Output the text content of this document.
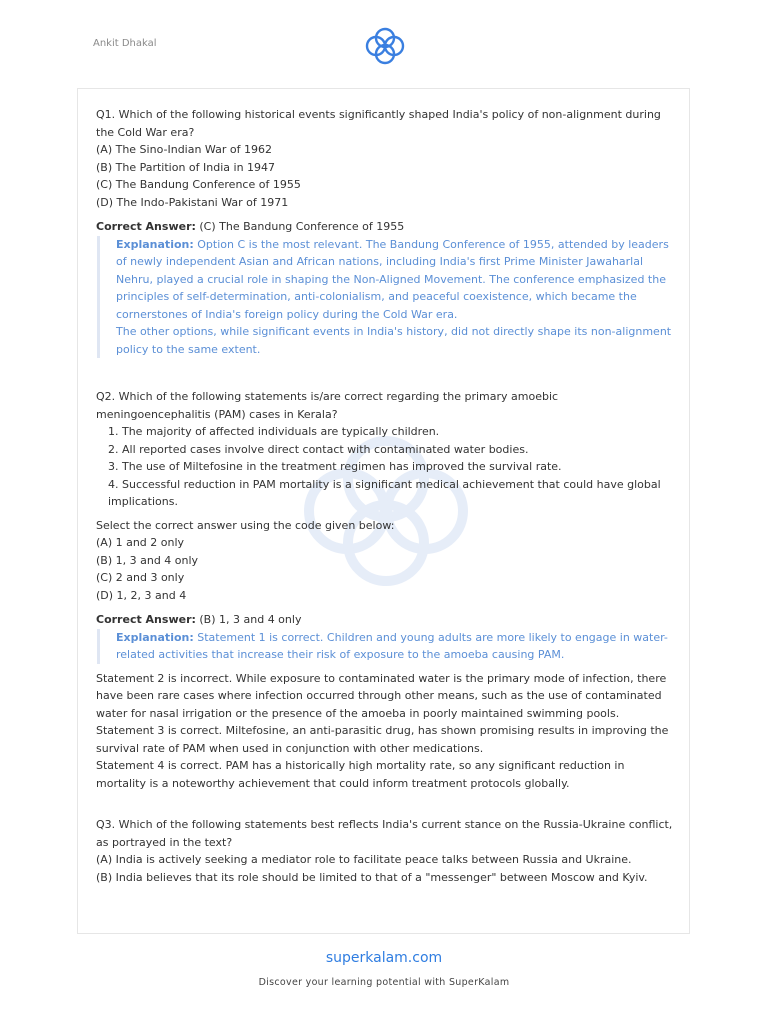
Ankit Dhakal

Q1. Which of the following historical events significantly shaped India's policy of non-alignment during the Cold War era?

(A) The Sino-Indian War of 1962

(B) The Partition of India in 1947

(C) The Bandung Conference of 1955

(D) The Indo-Pakistani War of 1971

Correct Answer: (C) The Bandung Conference of 1955

Explanation: Option C is the most relevant. The Bandung Conference of 1955, attended by leaders of newly independent Asian and African nations, including India's first Prime Minister Jawaharlal Nehru, played a crucial role in shaping the Non-Aligned Movement. The conference emphasized the principles of self-determination, anti-colonialism, and peaceful coexistence, which became the cornerstones of India's foreign policy during the Cold War era.

The other options, while significant events in India's history, did not directly shape its non-alignment policy to the same extent.

Q2. Which of the following statements is/are correct regarding the primary amoebic meningoencephalitis (PAM) cases in Kerala?

1. The majority of affected individuals are typically children.
2. All reported cases involve direct contact with contaminated water bodies.
3. The use of Miltefosine in the treatment regimen has improved the survival rate.
4. Successful reduction in PAM mortality is a significant medical achievement that could have global implications.

Select the correct answer using the code given below:

(A) 1 and 2 only

(B) 1, 3 and 4 only

(C) 2 and 3 only

(D) 1, 2, 3 and 4

Correct Answer: (B) 1, 3 and 4 only

Explanation: Statement 1 is correct. Children and young adults are more likely to engage in water-related activities that increase their risk of exposure to the amoeba causing PAM.

Statement 2 is incorrect. While exposure to contaminated water is the primary mode of infection, there have been rare cases where infection occurred through other means, such as the use of contaminated water for nasal irrigation or the presence of the amoeba in poorly maintained swimming pools.

Statement 3 is correct. Miltefosine, an anti-parasitic drug, has shown promising results in improving the survival rate of PAM when used in conjunction with other medications.

Statement 4 is correct. PAM has a historically high mortality rate, so any significant reduction in mortality is a noteworthy achievement that could inform treatment protocols globally.

Q3. Which of the following statements best reflects India's current stance on the Russia-Ukraine conflict, as portrayed in the text?

(A) India is actively seeking a mediator role to facilitate peace talks between Russia and Ukraine.

(B) India believes that its role should be limited to that of a "messenger" between Moscow and Kyiv.

superkalam.com
Discover your learning potential with SuperKalam
